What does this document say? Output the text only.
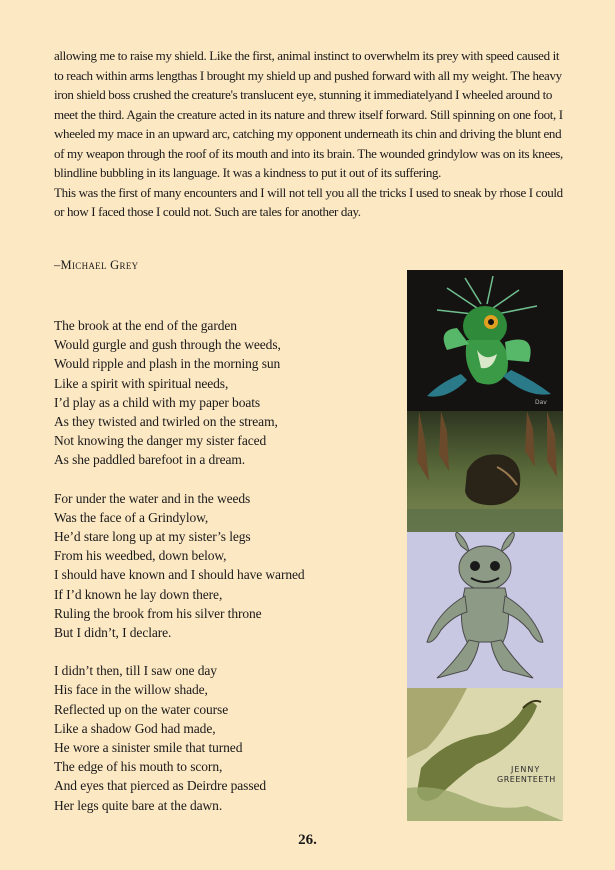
allowing me to raise my shield. Like the first, animal instinct to overwhelm its prey with speed caused it to reach within arms lengthas I brought my shield up and pushed forward with all my weight. The heavy iron shield boss crushed the creature's translucent eye, stunning it immediatelyand I wheeled around to meet the third. Again the creature acted in its nature and threw itself forward. Still spinning on one foot, I wheeled my mace in an upward arc, catching my opponent underneath its chin and driving the blunt end of my weapon through the roof of its mouth and into its brain. The wounded grindylow was on its knees, blindline bubbling in its language. It was a kindness to put it out of its suffering.

This was the first of many encounters and I will not tell you all the tricks I used to sneak by rhose I could or how I faced those I could not. Such are tales for another day.

–Michael Grey
The brook at the end of the garden
Would gurgle and gush through the weeds,
Would ripple and plash in the morning sun
Like a spirit with spiritual needs,
I’d play as a child with my paper boats
As they twisted and twirled on the stream,
Not knowing the danger my sister faced
As she paddled barefoot in a dream.
For under the water and in the weeds
Was the face of a Grindylow,
He’d stare long up at my sister’s legs
From his weedbed, down below,
I should have known and I should have warned
If I’d known he lay down there,
Ruling the brook from his silver throne
But I didn’t, I declare.
I didn’t then, till I saw one day
His face in the willow shade,
Reflected up on the water course
Like a shadow God had made,
He wore a sinister smile that turned
The edge of his mouth to scorn,
And eyes that pierced as Deirdre passed
Her legs quite bare at the dawn.
Dav
JENNY
GREENTEETH
26.
